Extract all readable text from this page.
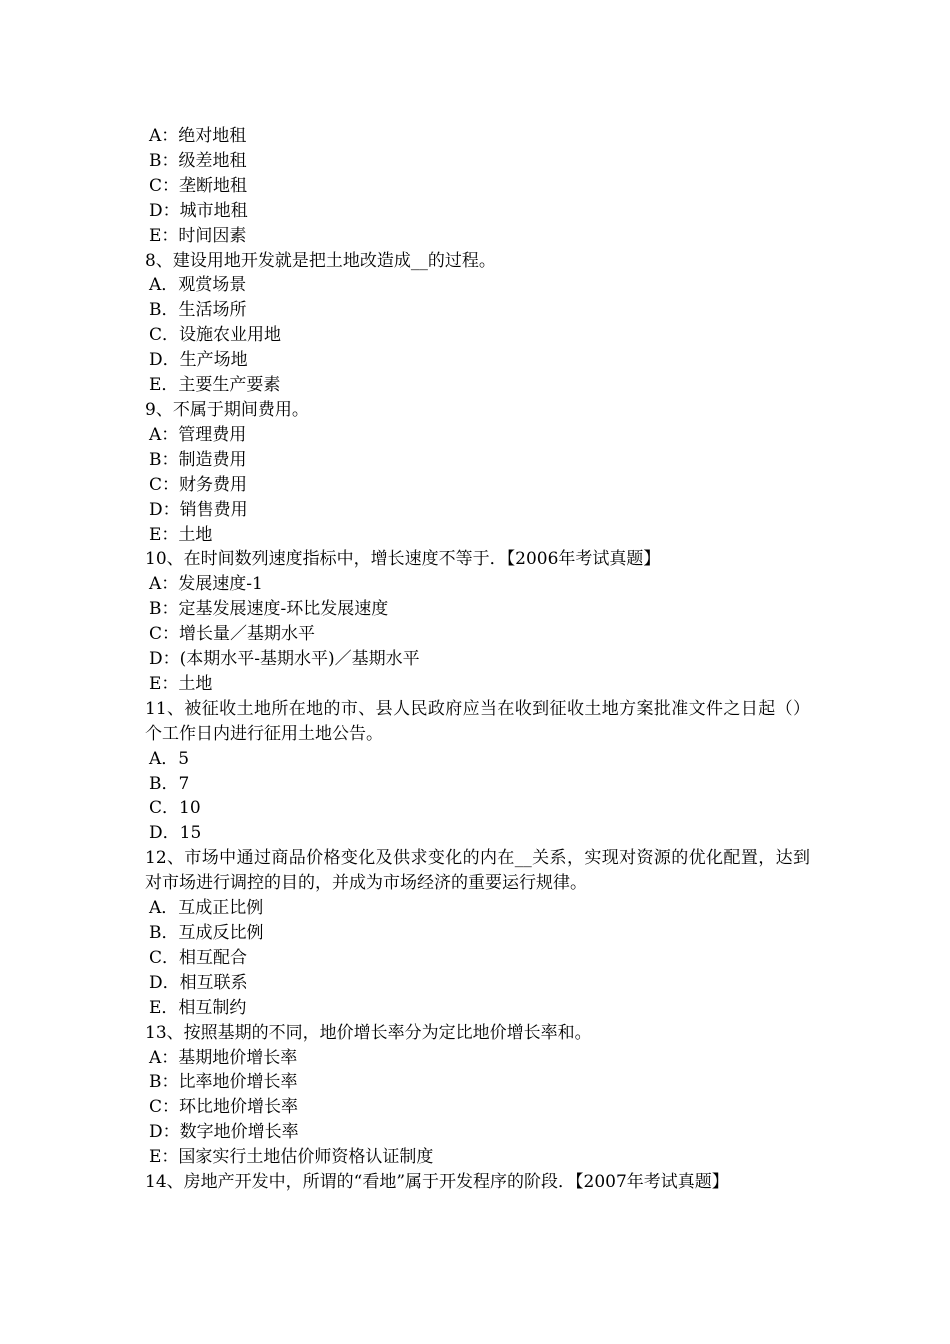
A：绝对地租

B：级差地租

C：垄断地租

D：城市地租

E：时间因素

8、建设用地开发就是把土地改造成__的过程。

A．观赏场景

B．生活场所

C．设施农业用地

D．生产场地

E．主要生产要素

9、不属于期间费用。

A：管理费用

B：制造费用

C：财务费用

D：销售费用

E：土地

10、在时间数列速度指标中，增长速度不等于．【2006年考试真题】

A：发展速度-1

B：定基发展速度-环比发展速度

C：增长量／基期水平

D：(本期水平-基期水平)／基期水平

E：土地

11、被征收土地所在地的市、县人民政府应当在收到征收土地方案批准文件之日起（）个工作日内进行征用土地公告。

A．5

B．7

C．10

D．15

12、市场中通过商品价格变化及供求变化的内在__关系，实现对资源的优化配置，达到对市场进行调控的目的，并成为市场经济的重要运行规律。

A．互成正比例

B．互成反比例

C．相互配合

D．相互联系

E．相互制约

13、按照基期的不同，地价增长率分为定比地价增长率和。

A：基期地价增长率

B：比率地价增长率

C：环比地价增长率

D：数字地价增长率

E：国家实行土地估价师资格认证制度

14、房地产开发中，所谓的“看地”属于开发程序的阶段．【2007年考试真题】
